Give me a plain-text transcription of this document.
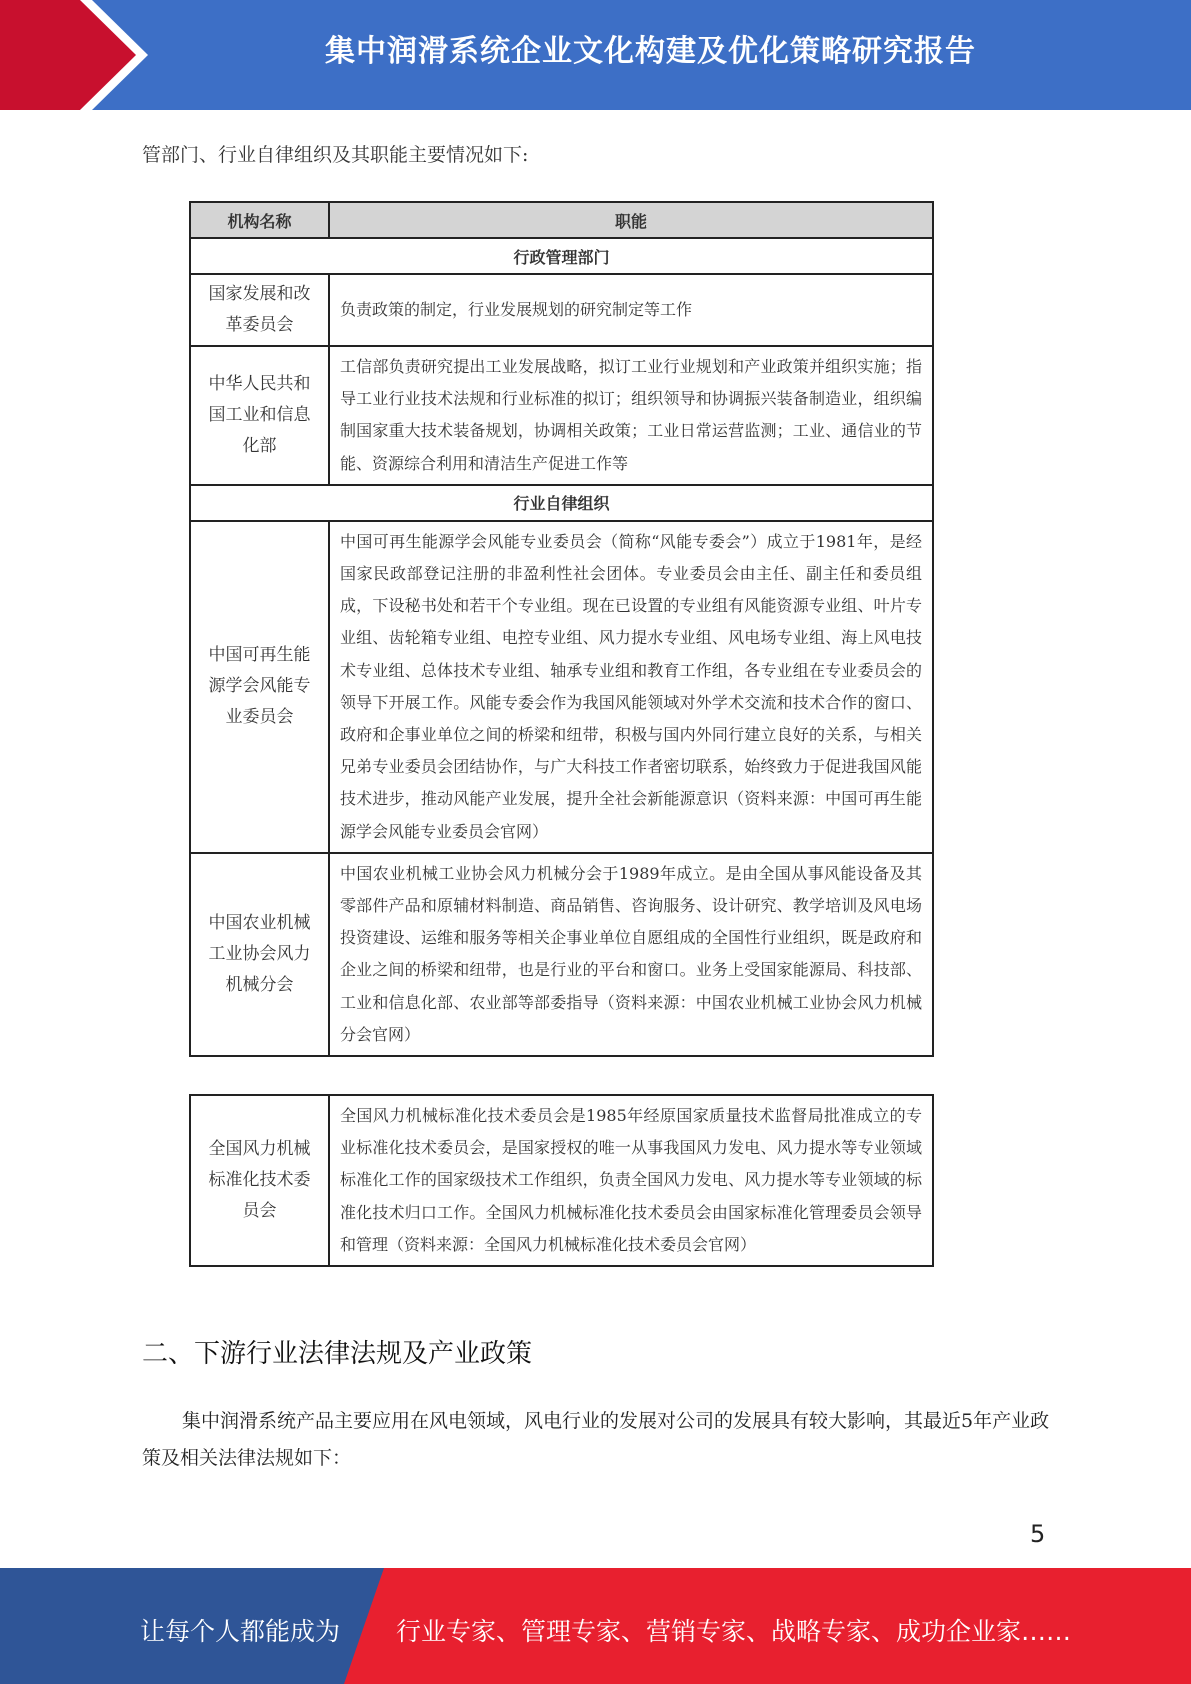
集中润滑系统企业文化构建及优化策略研究报告
管部门、行业自律组织及其职能主要情况如下:
机构名称	职能
行政管理部门	
国家发展和改革委员会	负责政策的制定，行业发展规划的研究制定等工作
中华人民共和国工业和信息化部	工信部负责研究提出工业发展战略，拟订工业行业规划和产业政策并组织实施；指导工业行业技术法规和行业标准的拟订；组织领导和协调振兴装备制造业，组织编制国家重大技术装备规划，协调相关政策；工业日常运营监测；工业、通信业的节能、资源综合利用和清洁生产促进工作等
行业自律组织	
中国可再生能源学会风能专业委员会	中国可再生能源学会风能专业委员会（简称“风能专委会”）成立于1981年，是经国家民政部登记注册的非盈利性社会团体。专业委员会由主任、副主任和委员组成，下设秘书处和若干个专业组。现在已设置的专业组有风能资源专业组、叶片专业组、齿轮箱专业组、电控专业组、风力提水专业组、风电场专业组、海上风电技术专业组、总体技术专业组、轴承专业组和教育工作组，各专业组在专业委员会的领导下开展工作。风能专委会作为我国风能领域对外学术交流和技术合作的窗口、政府和企事业单位之间的桥梁和纽带，积极与国内外同行建立良好的关系，与相关兄弟专业委员会团结协作，与广大科技工作者密切联系，始终致力于促进我国风能技术进步，推动风能产业发展，提升全社会新能源意识（资料来源：中国可再生能源学会风能专业委员会官网）
中国农业机械工业协会风力机械分会	中国农业机械工业协会风力机械分会于1989年成立。是由全国从事风能设备及其零部件产品和原辅材料制造、商品销售、咨询服务、设计研究、教学培训及风电场投资建设、运维和服务等相关企事业单位自愿组成的全国性行业组织，既是政府和企业之间的桥梁和纽带，也是行业的平台和窗口。业务上受国家能源局、科技部、工业和信息化部、农业部等部委指导（资料来源：中国农业机械工业协会风力机械分会官网）
全国风力机械标准化技术委员会	全国风力机械标准化技术委员会是1985年经原国家质量技术监督局批准成立的专业标准化技术委员会，是国家授权的唯一从事我国风力发电、风力提水等专业领域标准化工作的国家级技术工作组织，负责全国风力发电、风力提水等专业领域的标准化技术归口工作。全国风力机械标准化技术委员会由国家标准化管理委员会领导和管理（资料来源：全国风力机械标准化技术委员会官网）
二、下游行业法律法规及产业政策
集中润滑系统产品主要应用在风电领域，风电行业的发展对公司的发展具有较大影响，其最近5年产业政策及相关法律法规如下：
5
让每个人都能成为 行业专家、管理专家、营销专家、战略专家、成功企业家……
